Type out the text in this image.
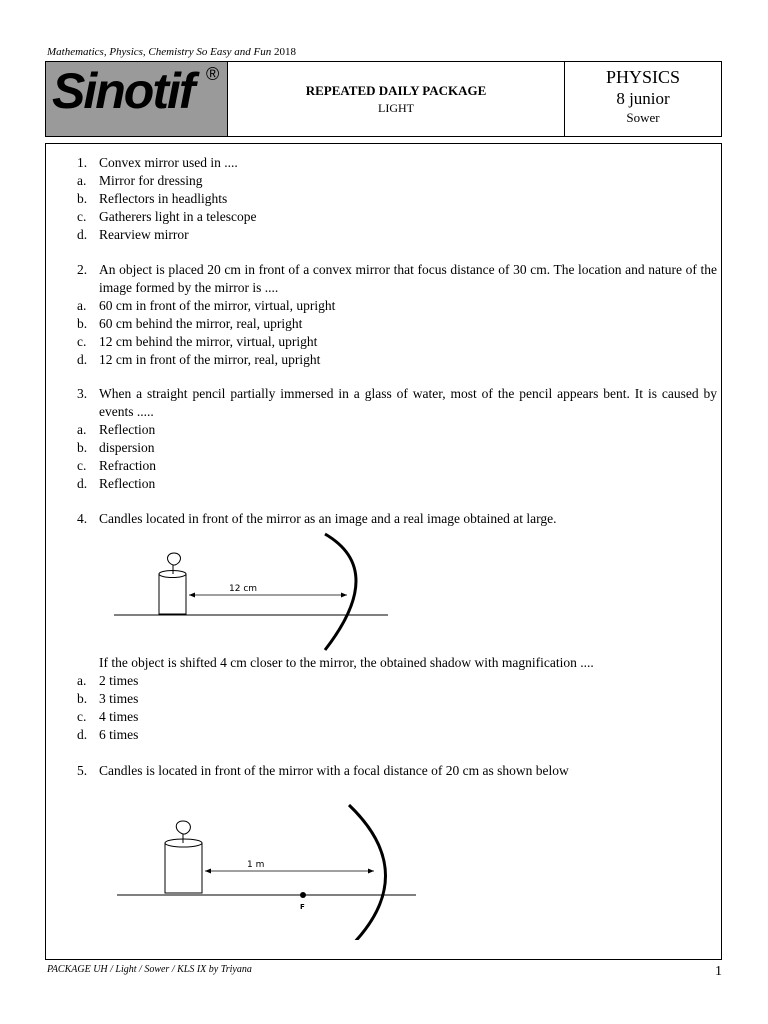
Mathematics, Physics, Chemistry So Easy and Fun 2018
Sinotif ®
REPEATED DAILY PACKAGE
LIGHT
PHYSICS
8 junior
Sower
1. Convex mirror used in ....
a. Mirror for dressing
b. Reflectors in headlights
c. Gatherers light in a telescope
d. Rearview mirror
2. An object is placed 20 cm in front of a convex mirror that focus distance of 30 cm. The location and nature of the image formed by the mirror is ....
a. 60 cm in front of the mirror, virtual, upright
b. 60 cm behind the mirror, real, upright
c. 12 cm behind the mirror, virtual, upright
d. 12 cm in front of the mirror, real, upright
3. When a straight pencil partially immersed in a glass of water, most of the pencil appears bent. It is caused by events .....
a. Reflection
b. dispersion
c. Refraction
d. Reflection
4. Candles located in front of the mirror as an image and a real image obtained at large.
12 cm
If the object is shifted 4 cm closer to the mirror, the obtained shadow with magnification ....
a. 2 times
b. 3 times
c. 4 times
d. 6 times
5. Candles is located in front of the mirror with a focal distance of 20 cm as shown below
1 m
F
PACKAGE UH / Light / Sower / KLS IX by Triyana	1
